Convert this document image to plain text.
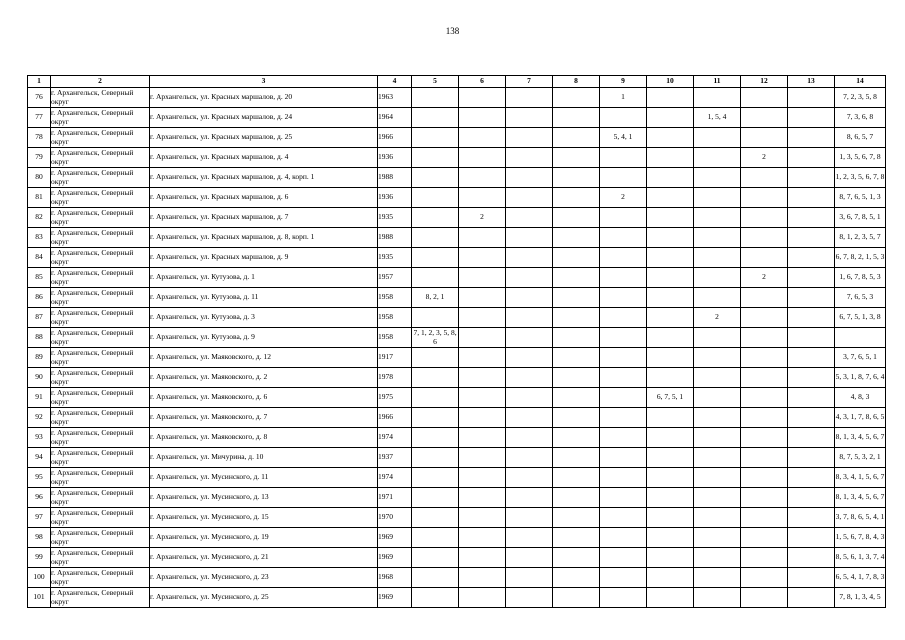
138
1	2	3	4	5	6	7	8	9	10	11	12	13	14
76	г. Архангельск, Северный округ	г. Архангельск, ул. Красных маршалов, д. 20	1963					1					7, 2, 3, 5, 8
77	г. Архангельск, Северный округ	г. Архангельск, ул. Красных маршалов, д. 24	1964							1, 5, 4			7, 3, 6, 8
78	г. Архангельск, Северный округ	г. Архангельск, ул. Красных маршалов, д. 25	1966					5, 4, 1					8, 6, 5, 7
79	г. Архангельск, Северный округ	г. Архангельск, ул. Красных маршалов, д. 4	1936								2		1, 3, 5, 6, 7, 8
80	г. Архангельск, Северный округ	г. Архангельск, ул. Красных маршалов, д. 4, корп. 1	1988										1, 2, 3, 5, 6, 7, 8
81	г. Архангельск, Северный округ	г. Архангельск, ул. Красных маршалов, д. 6	1936					2					8, 7, 6, 5, 1, 3
82	г. Архангельск, Северный округ	г. Архангельск, ул. Красных маршалов, д. 7	1935		2								3, 6, 7, 8, 5, 1
83	г. Архангельск, Северный округ	г. Архангельск, ул. Красных маршалов, д. 8, корп. 1	1988										8, 1, 2, 3, 5, 7
84	г. Архангельск, Северный округ	г. Архангельск, ул. Красных маршалов, д. 9	1935										6, 7, 8, 2, 1, 5, 3
85	г. Архангельск, Северный округ	г. Архангельск, ул. Кутузова, д. 1	1957								2		1, 6, 7, 8, 5, 3
86	г. Архангельск, Северный округ	г. Архангельск, ул. Кутузова, д. 11	1958	8, 2, 1									7, 6, 5, 3
87	г. Архангельск, Северный округ	г. Архангельск, ул. Кутузова, д. 3	1958							2			6, 7, 5, 1, 3, 8
88	г. Архангельск, Северный округ	г. Архангельск, ул. Кутузова, д. 9	1958	7, 1, 2, 3, 5, 8, 6									
89	г. Архангельск, Северный округ	г. Архангельск, ул. Маяковского, д. 12	1917										3, 7, 6, 5, 1
90	г. Архангельск, Северный округ	г. Архангельск, ул. Маяковского, д. 2	1978										5, 3, 1, 8, 7, 6, 4
91	г. Архангельск, Северный округ	г. Архангельск, ул. Маяковского, д. 6	1975						6, 7, 5, 1				4, 8, 3
92	г. Архангельск, Северный округ	г. Архангельск, ул. Маяковского, д. 7	1966										4, 3, 1, 7, 8, 6, 5
93	г. Архангельск, Северный округ	г. Архангельск, ул. Маяковского, д. 8	1974										8, 1, 3, 4, 5, 6, 7
94	г. Архангельск, Северный округ	г. Архангельск, ул. Мичурина, д. 10	1937										8, 7, 5, 3, 2, 1
95	г. Архангельск, Северный округ	г. Архангельск, ул. Мусинского, д. 11	1974										8, 3, 4, 1, 5, 6, 7
96	г. Архангельск, Северный округ	г. Архангельск, ул. Мусинского, д. 13	1971										8, 1, 3, 4, 5, 6, 7
97	г. Архангельск, Северный округ	г. Архангельск, ул. Мусинского, д. 15	1970										3, 7, 8, 6, 5, 4, 1
98	г. Архангельск, Северный округ	г. Архангельск, ул. Мусинского, д. 19	1969										1, 5, 6, 7, 8, 4, 3
99	г. Архангельск, Северный округ	г. Архангельск, ул. Мусинского, д. 21	1969										8, 5, 6, 1, 3, 7, 4
100	г. Архангельск, Северный округ	г. Архангельск, ул. Мусинского, д. 23	1968										6, 5, 4, 1, 7, 8, 3
101	г. Архангельск, Северный округ	г. Архангельск, ул. Мусинского, д. 25	1969										7, 8, 1, 3, 4, 5
